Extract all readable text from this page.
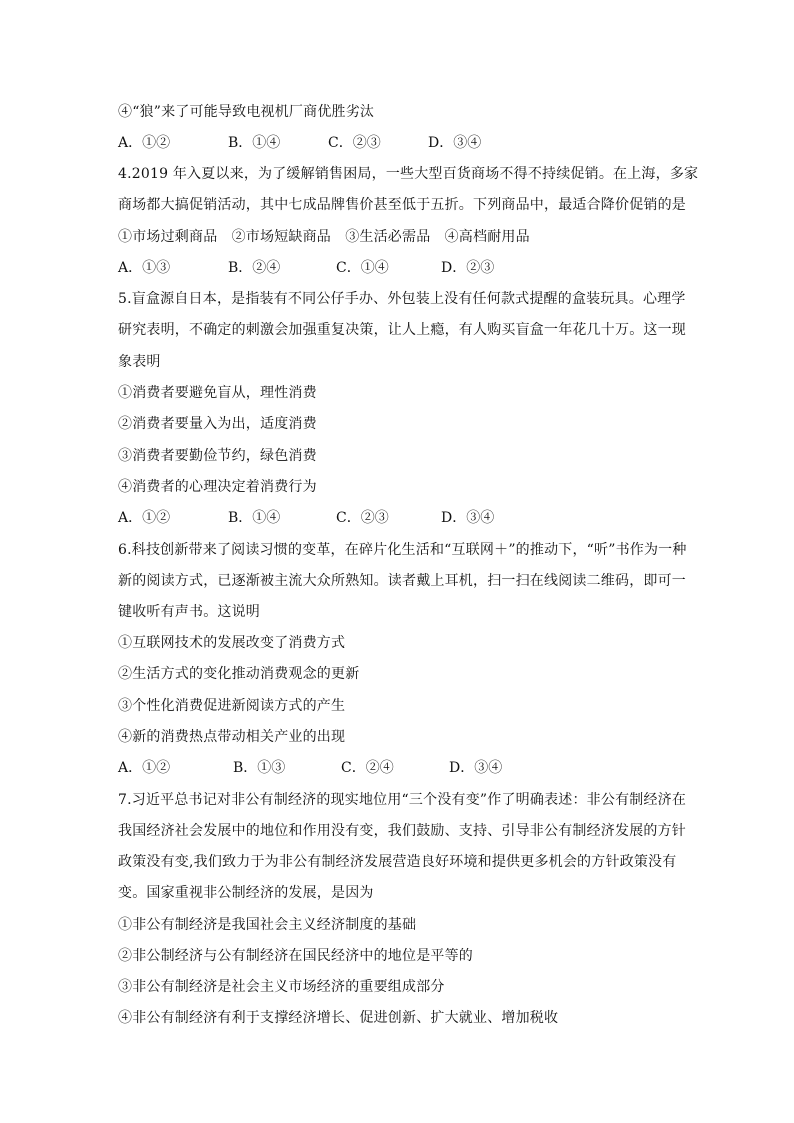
④“狼”来了可能导致电视机厂商优胜劣汰
A．①②	B．①④	C．②③	D．③④
4.2019 年入夏以来，为了缓解销售困局，一些大型百货商场不得不持续促销。在上海，多家
商场都大搞促销活动，其中七成品牌售价甚至低于五折。下列商品中，最适合降价促销的是
①市场过剩商品　②市场短缺商品　③生活必需品　④高档耐用品
A．①③	B．②④	C．①④	D．②③
5.盲盒源自日本，是指装有不同公仔手办、外包装上没有任何款式提醒的盒装玩具。心理学
研究表明，不确定的刺激会加强重复决策，让人上瘾，有人购买盲盒一年花几十万。这一现
象表明
①消费者要避免盲从，理性消费
②消费者要量入为出，适度消费
③消费者要勤俭节约，绿色消费
④消费者的心理决定着消费行为
A．①②	B．①④	C．②③	D．③④
6.科技创新带来了阅读习惯的变革，在碎片化生活和“互联网＋”的推动下，“听”书作为一种
新的阅读方式，已逐渐被主流大众所熟知。读者戴上耳机，扫一扫在线阅读二维码，即可一
键收听有声书。这说明
①互联网技术的发展改变了消费方式
②生活方式的变化推动消费观念的更新
③个性化消费促进新阅读方式的产生
④新的消费热点带动相关产业的出现
A．①②	B．①③	C．②④	D．③④
7.习近平总书记对非公有制经济的现实地位用“三个没有变”作了明确表述：非公有制经济在
我国经济社会发展中的地位和作用没有变，我们鼓励、支持、引导非公有制经济发展的方针
政策没有变,我们致力于为非公有制经济发展营造良好环境和提供更多机会的方针政策没有
变。国家重视非公制经济的发展，是因为
①非公有制经济是我国社会主义经济制度的基础
②非公制经济与公有制经济在国民经济中的地位是平等的
③非公有制经济是社会主义市场经济的重要组成部分
④非公有制经济有利于支撑经济增长、促进创新、扩大就业、增加税收
